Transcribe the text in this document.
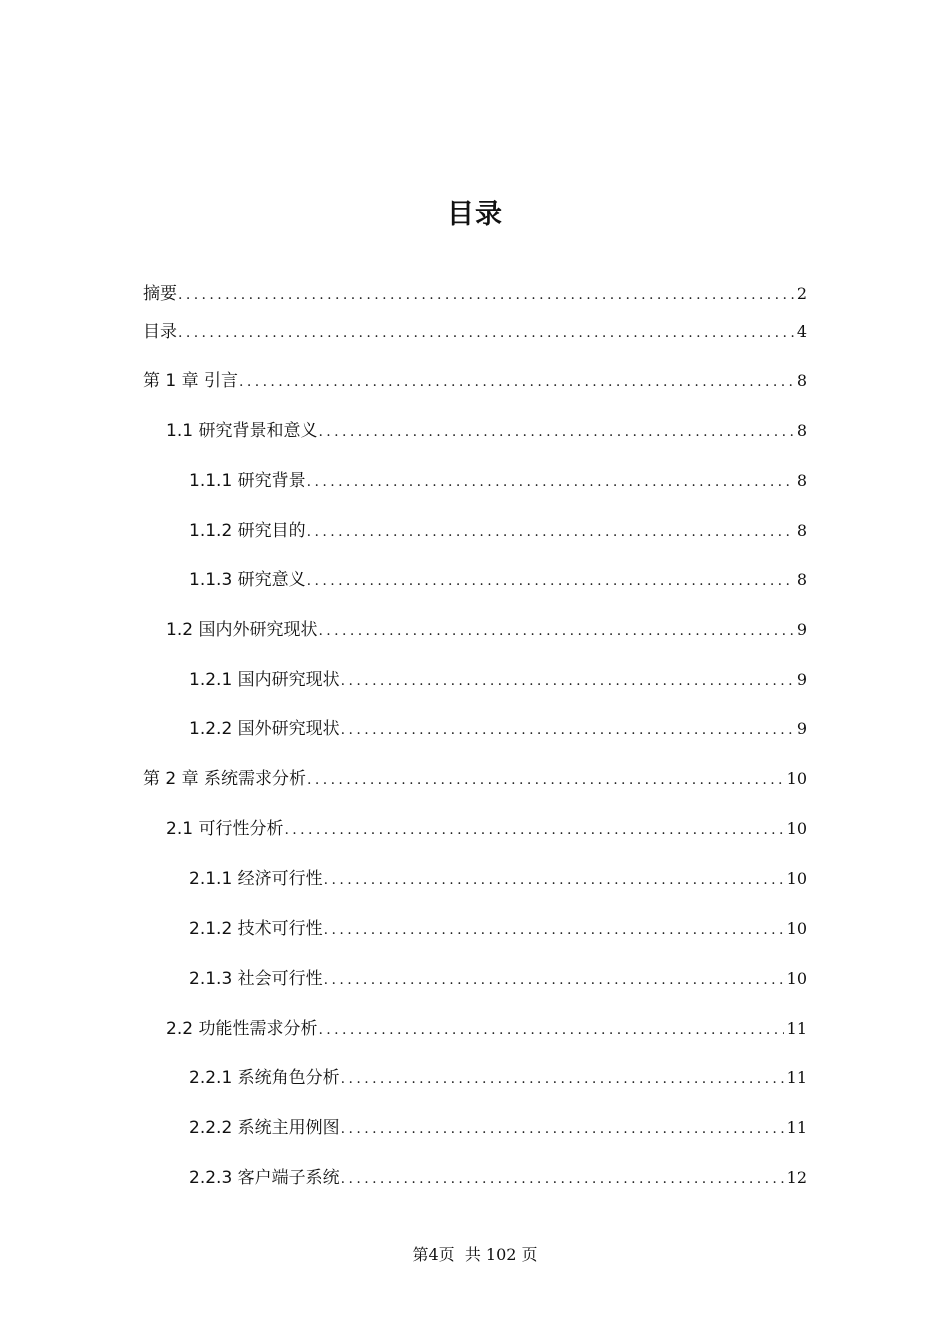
目录
摘要 .....	2
目录 .....	4
第 1 章 引言 .....	8
1.1 研究背景和意义 .....	8
1.1.1 研究背景 .....	8
1.1.2 研究目的 .....	8
1.1.3 研究意义 .....	8
1.2 国内外研究现状 .....	9
1.2.1 国内研究现状 .....	9
1.2.2 国外研究现状 .....	9
第 2 章 系统需求分析 .....	10
2.1 可行性分析 .....	10
2.1.1 经济可行性 .....	10
2.1.2 技术可行性 .....	10
2.1.3 社会可行性 .....	10
2.2 功能性需求分析 .....	11
2.2.1 系统角色分析 .....	11
2.2.2 系统主用例图 .....	11
2.2.3 客户端子系统 .....	12
第4页 共 102 页
